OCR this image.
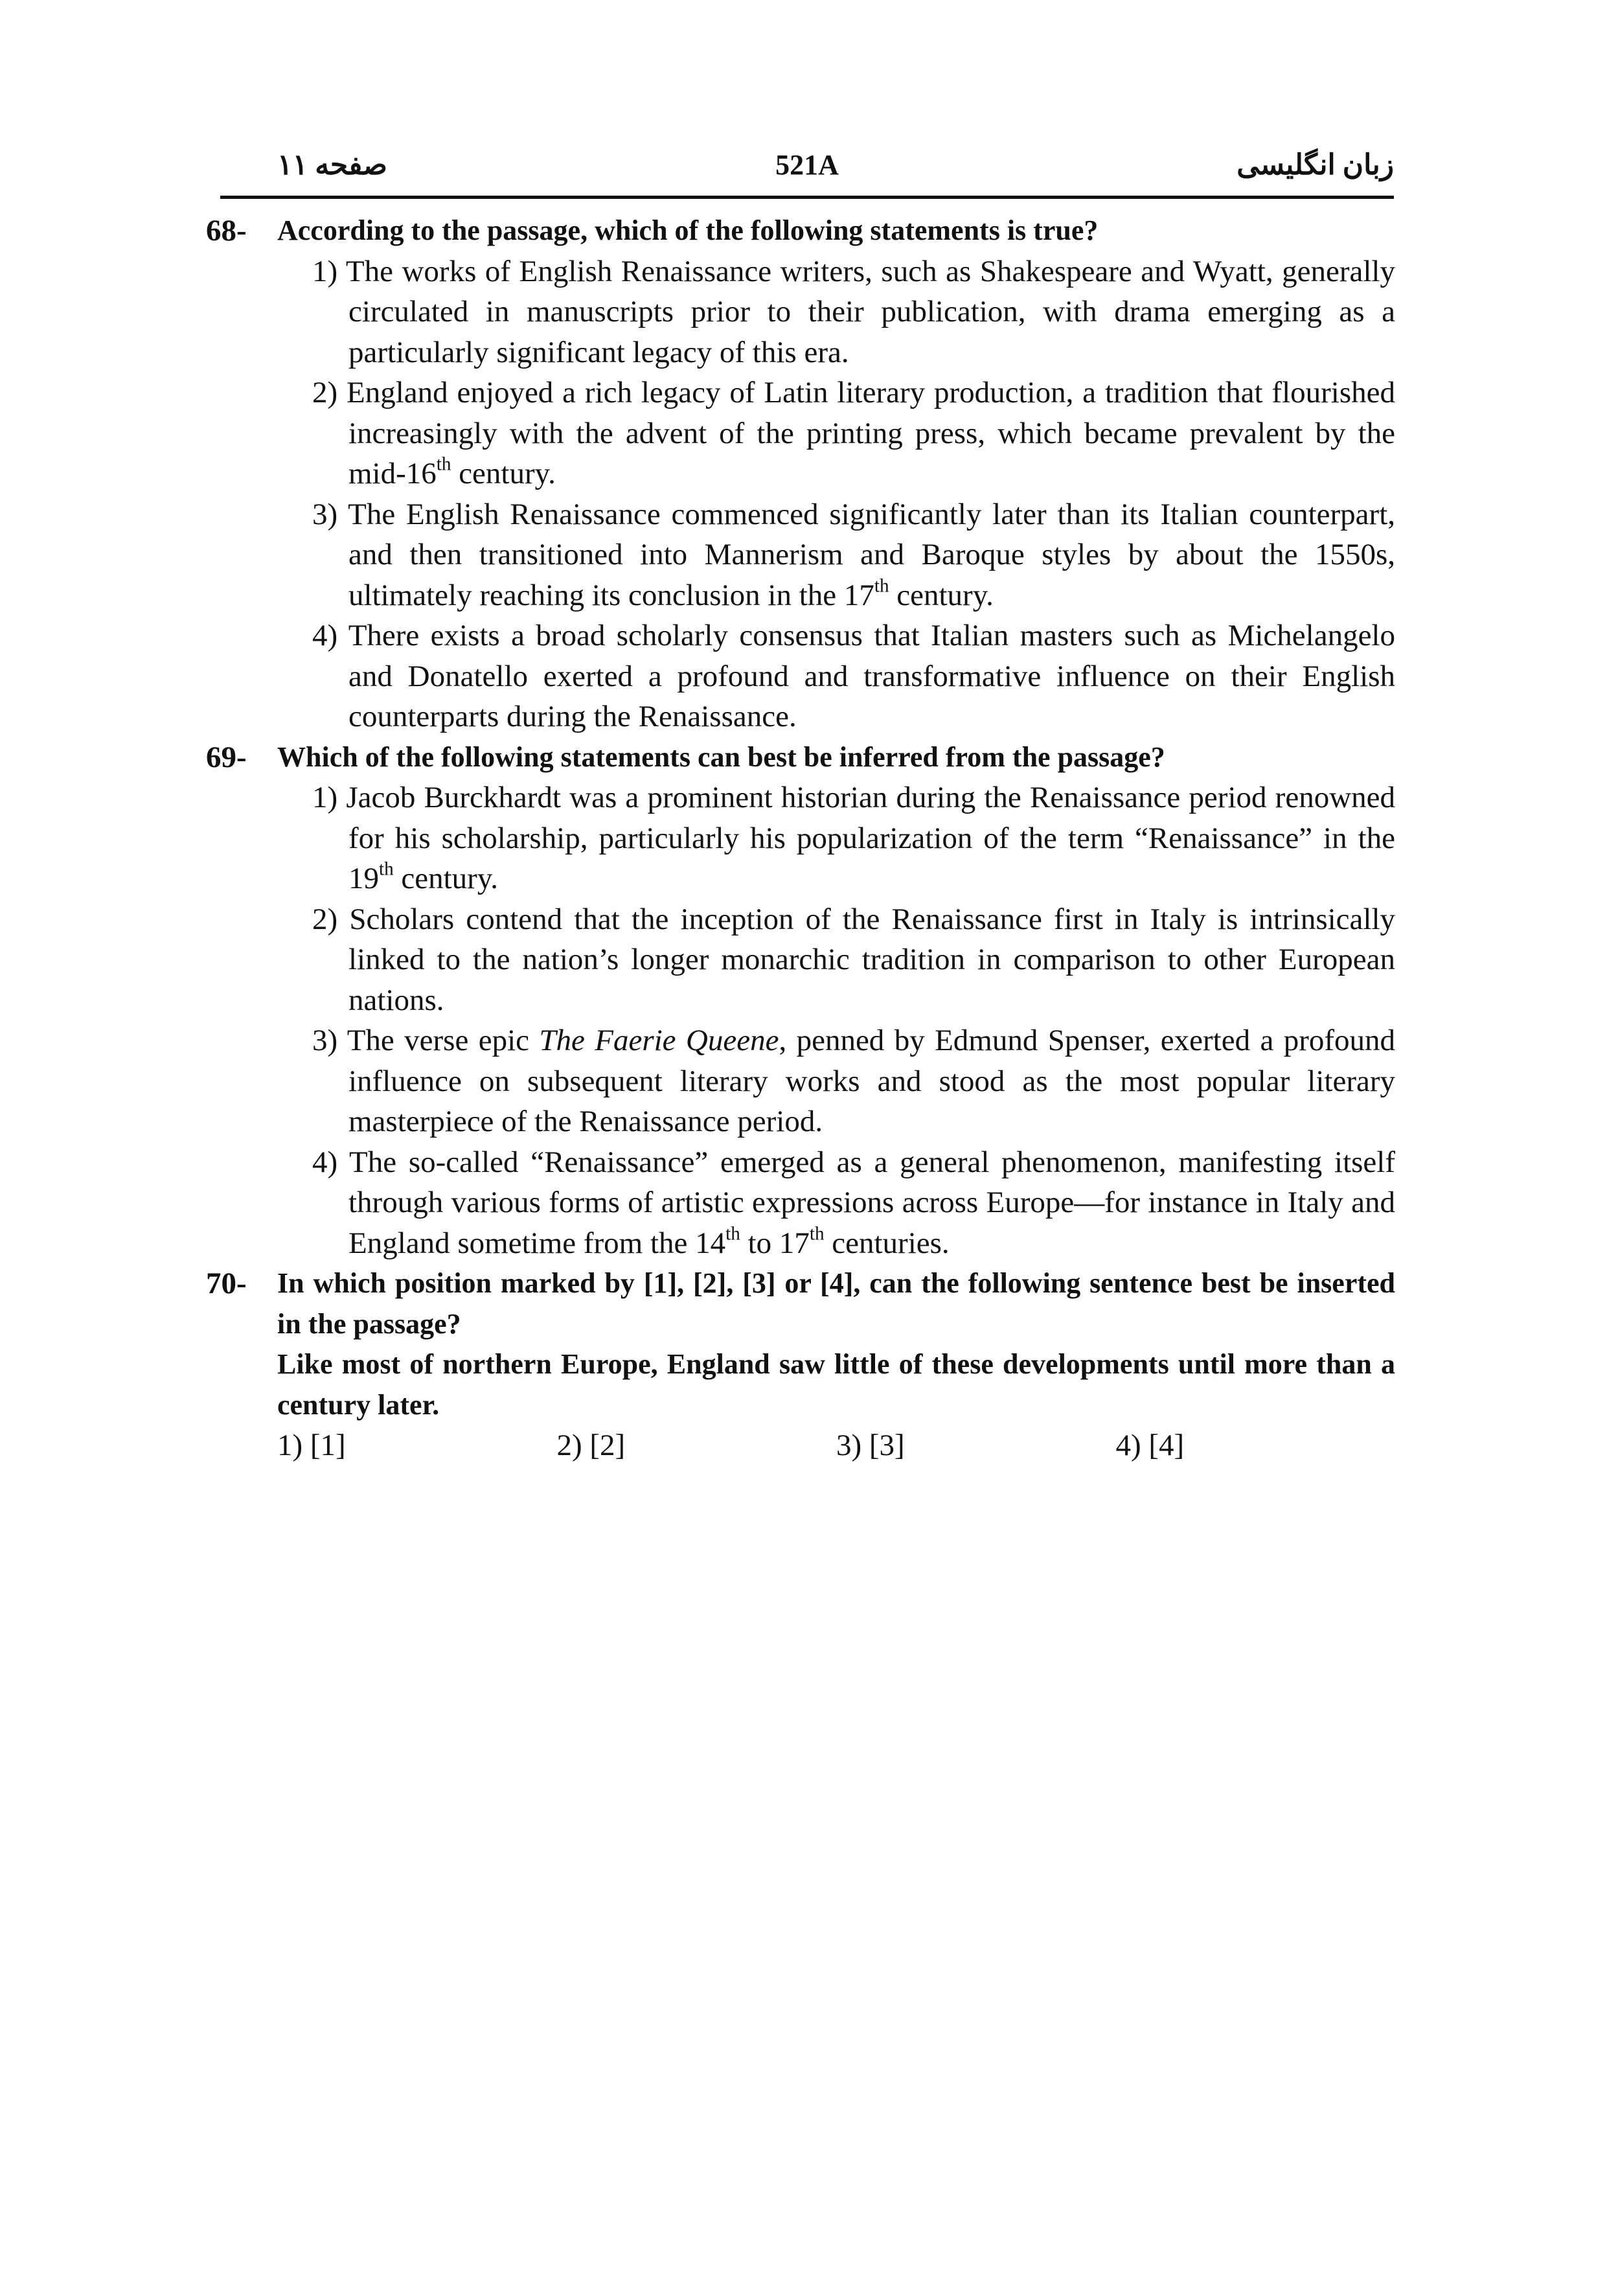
صفحه ۱۱	521A	زبان انگلیسی
68- According to the passage, which of the following statements is true?
1) The works of English Renaissance writers, such as Shakespeare and Wyatt, generally circulated in manuscripts prior to their publication, with drama emerging as a particularly significant legacy of this era.
2) England enjoyed a rich legacy of Latin literary production, a tradition that flourished increasingly with the advent of the printing press, which became prevalent by the mid-16th century.
3) The English Renaissance commenced significantly later than its Italian counterpart, and then transitioned into Mannerism and Baroque styles by about the 1550s, ultimately reaching its conclusion in the 17th century.
4) There exists a broad scholarly consensus that Italian masters such as Michelangelo and Donatello exerted a profound and transformative influence on their English counterparts during the Renaissance.
69- Which of the following statements can best be inferred from the passage?
1) Jacob Burckhardt was a prominent historian during the Renaissance period renowned for his scholarship, particularly his popularization of the term “Renaissance” in the 19th century.
2) Scholars contend that the inception of the Renaissance first in Italy is intrinsically linked to the nation’s longer monarchic tradition in comparison to other European nations.
3) The verse epic The Faerie Queene, penned by Edmund Spenser, exerted a profound influence on subsequent literary works and stood as the most popular literary masterpiece of the Renaissance period.
4) The so-called “Renaissance” emerged as a general phenomenon, manifesting itself through various forms of artistic expressions across Europe—for instance in Italy and England sometime from the 14th to 17th centuries.
70- In which position marked by [1], [2], [3] or [4], can the following sentence best be inserted in the passage?
Like most of northern Europe, England saw little of these developments until more than a century later.
1) [1]	2) [2]	3) [3]	4) [4]
